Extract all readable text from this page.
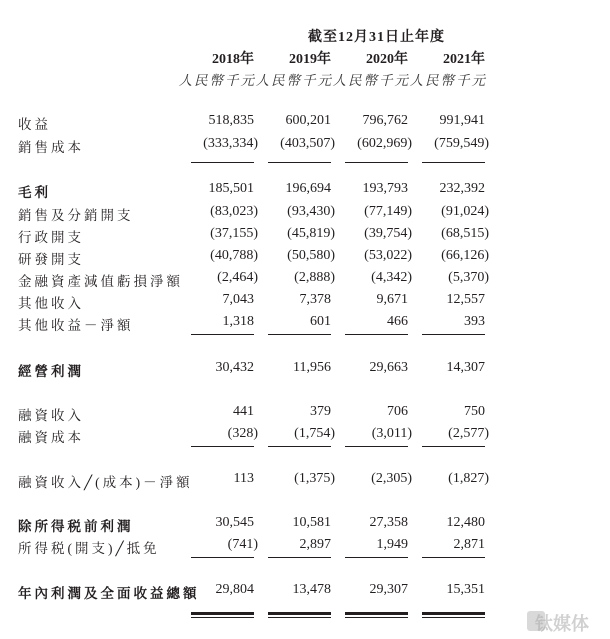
截至12月31日止年度
2018年	2019年	2020年	2021年
人民幣千元 人民幣千元 人民幣千元 人民幣千元
收益	518,835	600,201	796,762	991,941
銷售成本	(333,334)	(403,507)	(602,969)	(759,549)
毛利	185,501	196,694	193,793	232,392
銷售及分銷開支	(83,023)	(93,430)	(77,149)	(91,024)
行政開支	(37,155)	(45,819)	(39,754)	(68,515)
研發開支	(40,788)	(50,580)	(53,022)	(66,126)
金融資產減值虧損淨額	(2,464)	(2,888)	(4,342)	(5,370)
其他收入	7,043	7,378	9,671	12,557
其他收益－淨額	1,318	601	466	393
經營利潤	30,432	11,956	29,663	14,307
融資收入	441	379	706	750
融資成本	(328)	(1,754)	(3,011)	(2,577)
融資收入╱(成本)－淨額	113	(1,375)	(2,305)	(1,827)
除所得税前利潤	30,545	10,581	27,358	12,480
所得税(開支)╱抵免	(741)	2,897	1,949	2,871
年內利潤及全面收益總額	29,804	13,478	29,307	15,351
钛媒体
